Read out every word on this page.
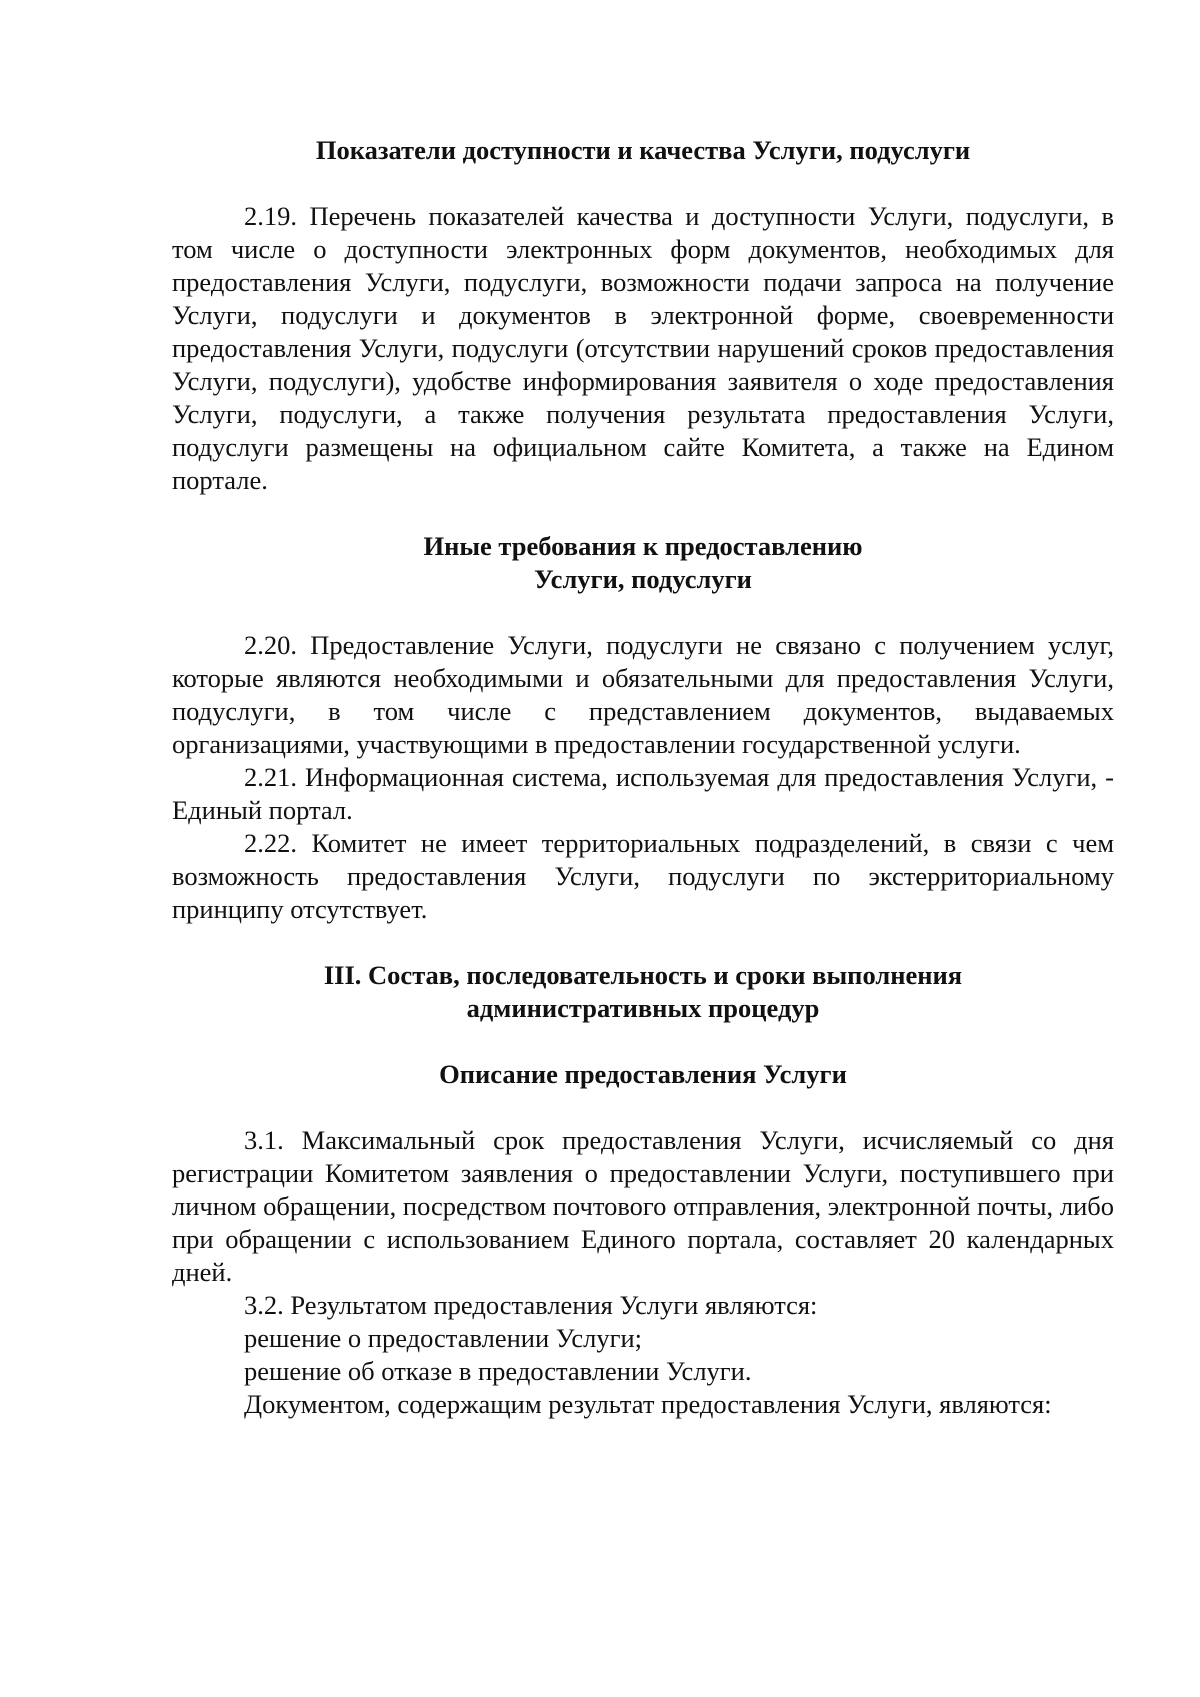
Показатели доступности и качества Услуги, подуслуги

2.19. Перечень показателей качества и доступности Услуги, подуслуги, в том числе о доступности электронных форм документов, необходимых для предоставления Услуги, подуслуги, возможности подачи запроса на получение Услуги, подуслуги и документов в электронной форме, своевременности предоставления Услуги, подуслуги (отсутствии нарушений сроков предоставления Услуги, подуслуги), удобстве информирования заявителя о ходе предоставления Услуги, подуслуги, а также получения результата предоставления Услуги, подуслуги размещены на официальном сайте Комитета, а также на Едином портале.

Иные требования к предоставлению
Услуги, подуслуги

2.20. Предоставление Услуги, подуслуги не связано с получением услуг, которые являются необходимыми и обязательными для предоставления Услуги, подуслуги, в том числе с представлением документов, выдаваемых организациями, участвующими в предоставлении государственной услуги.

2.21. Информационная система, используемая для предоставления Услуги, - Единый портал.

2.22. Комитет не имеет территориальных подразделений, в связи с чем возможность предоставления Услуги, подуслуги по экстерриториальному принципу отсутствует.

III. Состав, последовательность и сроки выполнения
административных процедур

Описание предоставления Услуги

3.1. Максимальный срок предоставления Услуги, исчисляемый со дня регистрации Комитетом заявления о предоставлении Услуги, поступившего при личном обращении, посредством почтового отправления, электронной почты, либо при обращении с использованием Единого портала, составляет 20 календарных дней.

3.2. Результатом предоставления Услуги являются:

решение о предоставлении Услуги;

решение об отказе в предоставлении Услуги.

Документом, содержащим результат предоставления Услуги, являются:
